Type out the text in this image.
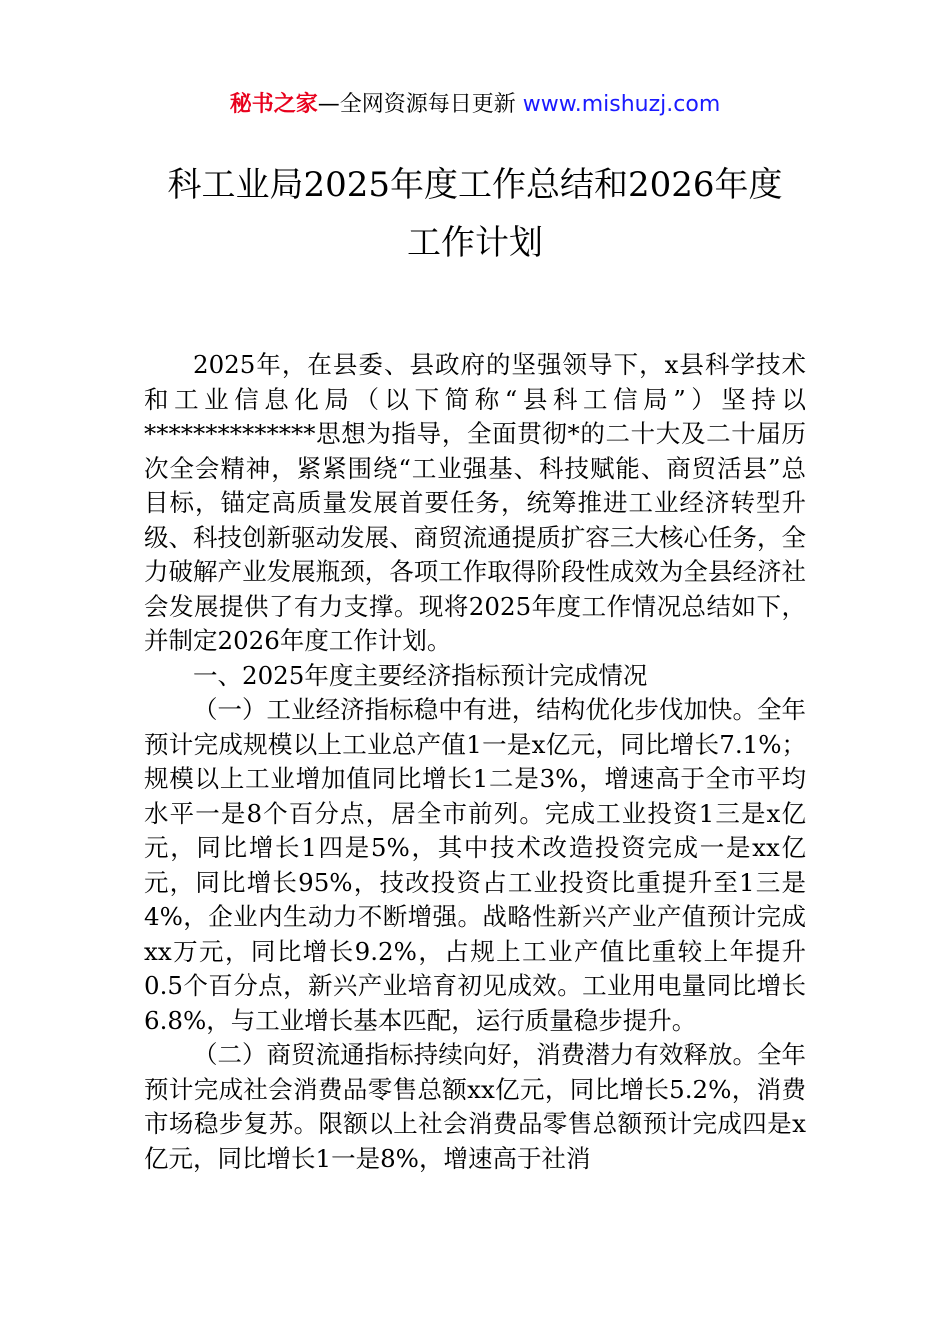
秘书之家—全网资源每日更新 www.mishuzj.com
科工业局2025年度工作总结和2026年度
工作计划

2025年，在县委、县政府的坚强领导下，x县科学技术和工业信息化局（以下简称“县科工信局”）坚持以**************思想为指导，全面贯彻*的二十大及二十届历次全会精神，紧紧围绕“工业强基、科技赋能、商贸活县”总目标，锚定高质量发展首要任务，统筹推进工业经济转型升级、科技创新驱动发展、商贸流通提质扩容三大核心任务，全力破解产业发展瓶颈，各项工作取得阶段性成效为全县经济社会发展提供了有力支撑。现将2025年度工作情况总结如下，并制定2026年度工作计划。

一、2025年度主要经济指标预计完成情况

（一）工业经济指标稳中有进，结构优化步伐加快。全年预计完成规模以上工业总产值1一是x亿元，同比增长7.1%；规模以上工业增加值同比增长1二是3%，增速高于全市平均水平一是8个百分点，居全市前列。完成工业投资1三是x亿元，同比增长1四是5%，其中技术改造投资完成一是xx亿元，同比增长95%，技改投资占工业投资比重提升至1三是4%，企业内生动力不断增强。战略性新兴产业产值预计完成xx万元，同比增长9.2%，占规上工业产值比重较上年提升0.5个百分点，新兴产业培育初见成效。工业用电量同比增长6.8%，与工业增长基本匹配，运行质量稳步提升。

（二）商贸流通指标持续向好，消费潜力有效释放。全年预计完成社会消费品零售总额xx亿元，同比增长5.2%，消费市场稳步复苏。限额以上社会消费品零售总额预计完成四是x亿元，同比增长1一是8%，增速高于社消
